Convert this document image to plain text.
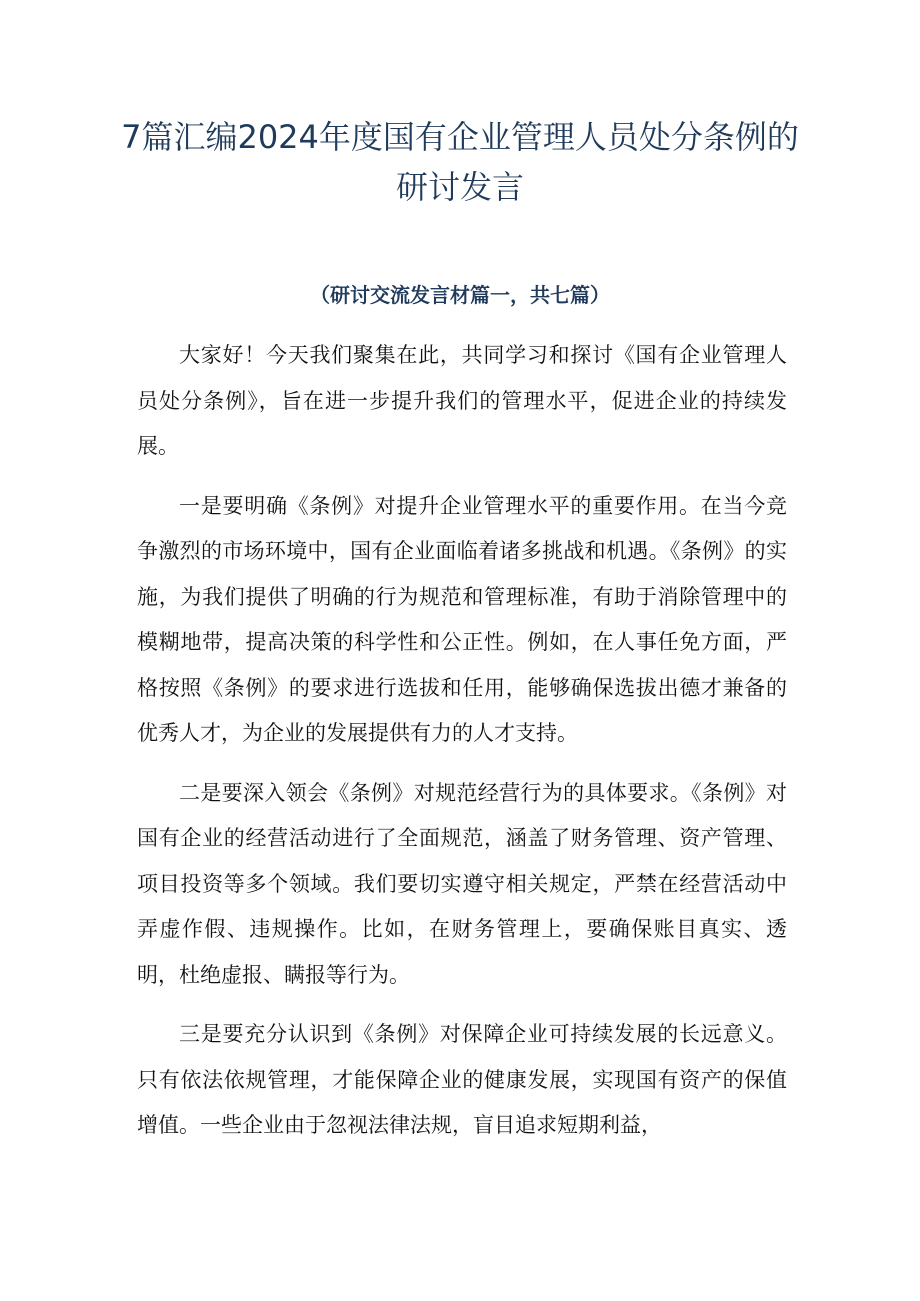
7篇汇编2024年度国有企业管理人员处分条例的研讨发言
（研讨交流发言材篇一，共七篇）

大家好！今天我们聚集在此，共同学习和探讨《国有企业管理人员处分条例》，旨在进一步提升我们的管理水平，促进企业的持续发展。

一是要明确《条例》对提升企业管理水平的重要作用。在当今竞争激烈的市场环境中，国有企业面临着诸多挑战和机遇。《条例》的实施，为我们提供了明确的行为规范和管理标准，有助于消除管理中的模糊地带，提高决策的科学性和公正性。例如，在人事任免方面，严格按照《条例》的要求进行选拔和任用，能够确保选拔出德才兼备的优秀人才，为企业的发展提供有力的人才支持。

二是要深入领会《条例》对规范经营行为的具体要求。《条例》对国有企业的经营活动进行了全面规范，涵盖了财务管理、资产管理、项目投资等多个领域。我们要切实遵守相关规定，严禁在经营活动中弄虚作假、违规操作。比如，在财务管理上，要确保账目真实、透明，杜绝虚报、瞒报等行为。

三是要充分认识到《条例》对保障企业可持续发展的长远意义。只有依法依规管理，才能保障企业的健康发展，实现国有资产的保值增值。一些企业由于忽视法律法规，盲目追求短期利益，
